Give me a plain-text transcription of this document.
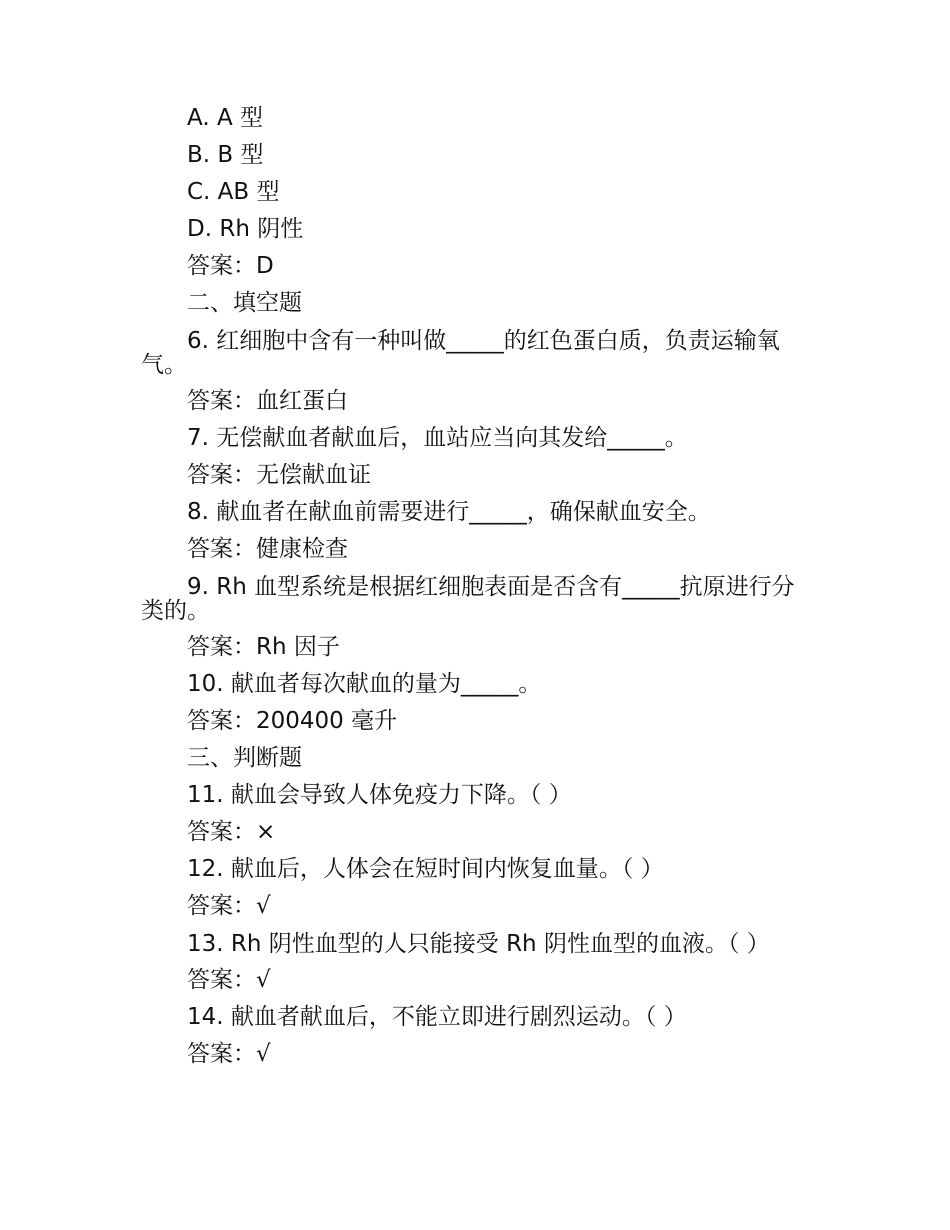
A. A 型
B. B 型
C. AB 型
D. Rh 阴性
答案：D
二、填空题
6. 红细胞中含有一种叫做_____的红色蛋白质，负责运输氧气。
答案：血红蛋白
7. 无偿献血者献血后，血站应当向其发给_____。
答案：无偿献血证
8. 献血者在献血前需要进行_____，确保献血安全。
答案：健康检查
9. Rh 血型系统是根据红细胞表面是否含有_____抗原进行分类的。
答案：Rh 因子
10. 献血者每次献血的量为_____。
答案：200400 毫升
三、判断题
11. 献血会导致人体免疫力下降。（ ）
答案：×
12. 献血后，人体会在短时间内恢复血量。（ ）
答案：√
13. Rh 阴性血型的人只能接受 Rh 阴性血型的血液。（ ）
答案：√
14. 献血者献血后，不能立即进行剧烈运动。（ ）
答案：√
